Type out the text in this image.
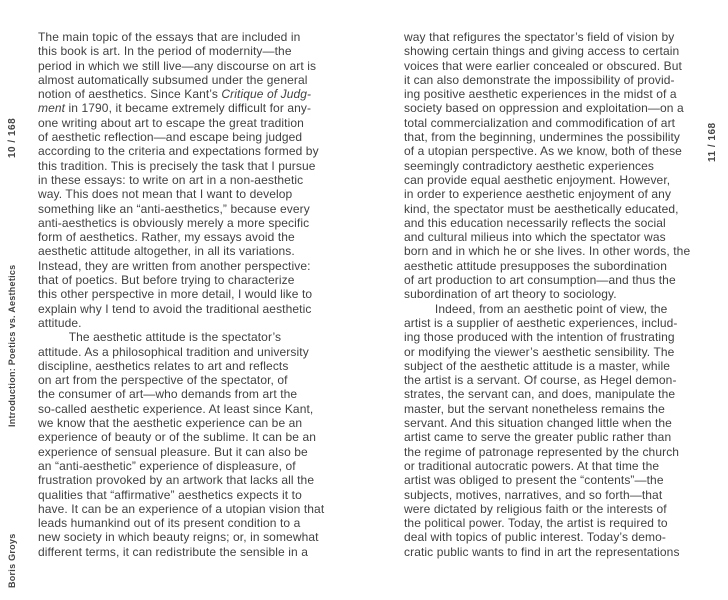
10 / 168
Introduction: Poetics vs. Aesthetics
Boris Groys
The main topic of the essays that are included in
this book is art. In the period of modernity—the
period in which we still live—any discourse on art is
almost automatically subsumed under the general
notion of aesthetics. Since Kant’s Critique of Judg-
ment in 1790, it became extremely difficult for any-
one writing about art to escape the great tradition
of aesthetic reflection—and escape being judged
according to the criteria and expectations formed by
this tradition. This is precisely the task that I pursue
in these essays: to write on art in a non-aesthetic
way. This does not mean that I want to develop
something like an “anti-aesthetics,” because every
anti-aesthetics is obviously merely a more specific
form of aesthetics. Rather, my essays avoid the
aesthetic attitude altogether, in all its variations.
Instead, they are written from another perspective:
that of poetics. But before trying to characterize
this other perspective in more detail, I would like to
explain why I tend to avoid the traditional aesthetic
attitude.
The aesthetic attitude is the spectator’s
attitude. As a philosophical tradition and university
discipline, aesthetics relates to art and reflects
on art from the perspective of the spectator, of
the consumer of art—who demands from art the
so-called aesthetic experience. At least since Kant,
we know that the aesthetic experience can be an
experience of beauty or of the sublime. It can be an
experience of sensual pleasure. But it can also be
an “anti-aesthetic” experience of displeasure, of
frustration provoked by an artwork that lacks all the
qualities that “affirmative” aesthetics expects it to
have. It can be an experience of a utopian vision that
leads humankind out of its present condition to a
new society in which beauty reigns; or, in somewhat
different terms, it can redistribute the sensible in a
way that refigures the spectator’s field of vision by
showing certain things and giving access to certain
voices that were earlier concealed or obscured. But
it can also demonstrate the impossibility of provid-
ing positive aesthetic experiences in the midst of a
society based on oppression and exploitation—on a
total commercialization and commodification of art
that, from the beginning, undermines the possibility
of a utopian perspective. As we know, both of these
seemingly contradictory aesthetic experiences
can provide equal aesthetic enjoyment. However,
in order to experience aesthetic enjoyment of any
kind, the spectator must be aesthetically educated,
and this education necessarily reflects the social
and cultural milieus into which the spectator was
born and in which he or she lives. In other words, the
aesthetic attitude presupposes the subordination
of art production to art consumption—and thus the
subordination of art theory to sociology.
Indeed, from an aesthetic point of view, the
artist is a supplier of aesthetic experiences, includ-
ing those produced with the intention of frustrating
or modifying the viewer’s aesthetic sensibility. The
subject of the aesthetic attitude is a master, while
the artist is a servant. Of course, as Hegel demon-
strates, the servant can, and does, manipulate the
master, but the servant nonetheless remains the
servant. And this situation changed little when the
artist came to serve the greater public rather than
the regime of patronage represented by the church
or traditional autocratic powers. At that time the
artist was obliged to present the “contents”—the
subjects, motives, narratives, and so forth—that
were dictated by religious faith or the interests of
the political power. Today, the artist is required to
deal with topics of public interest. Today’s demo-
cratic public wants to find in art the representations
11 / 168
